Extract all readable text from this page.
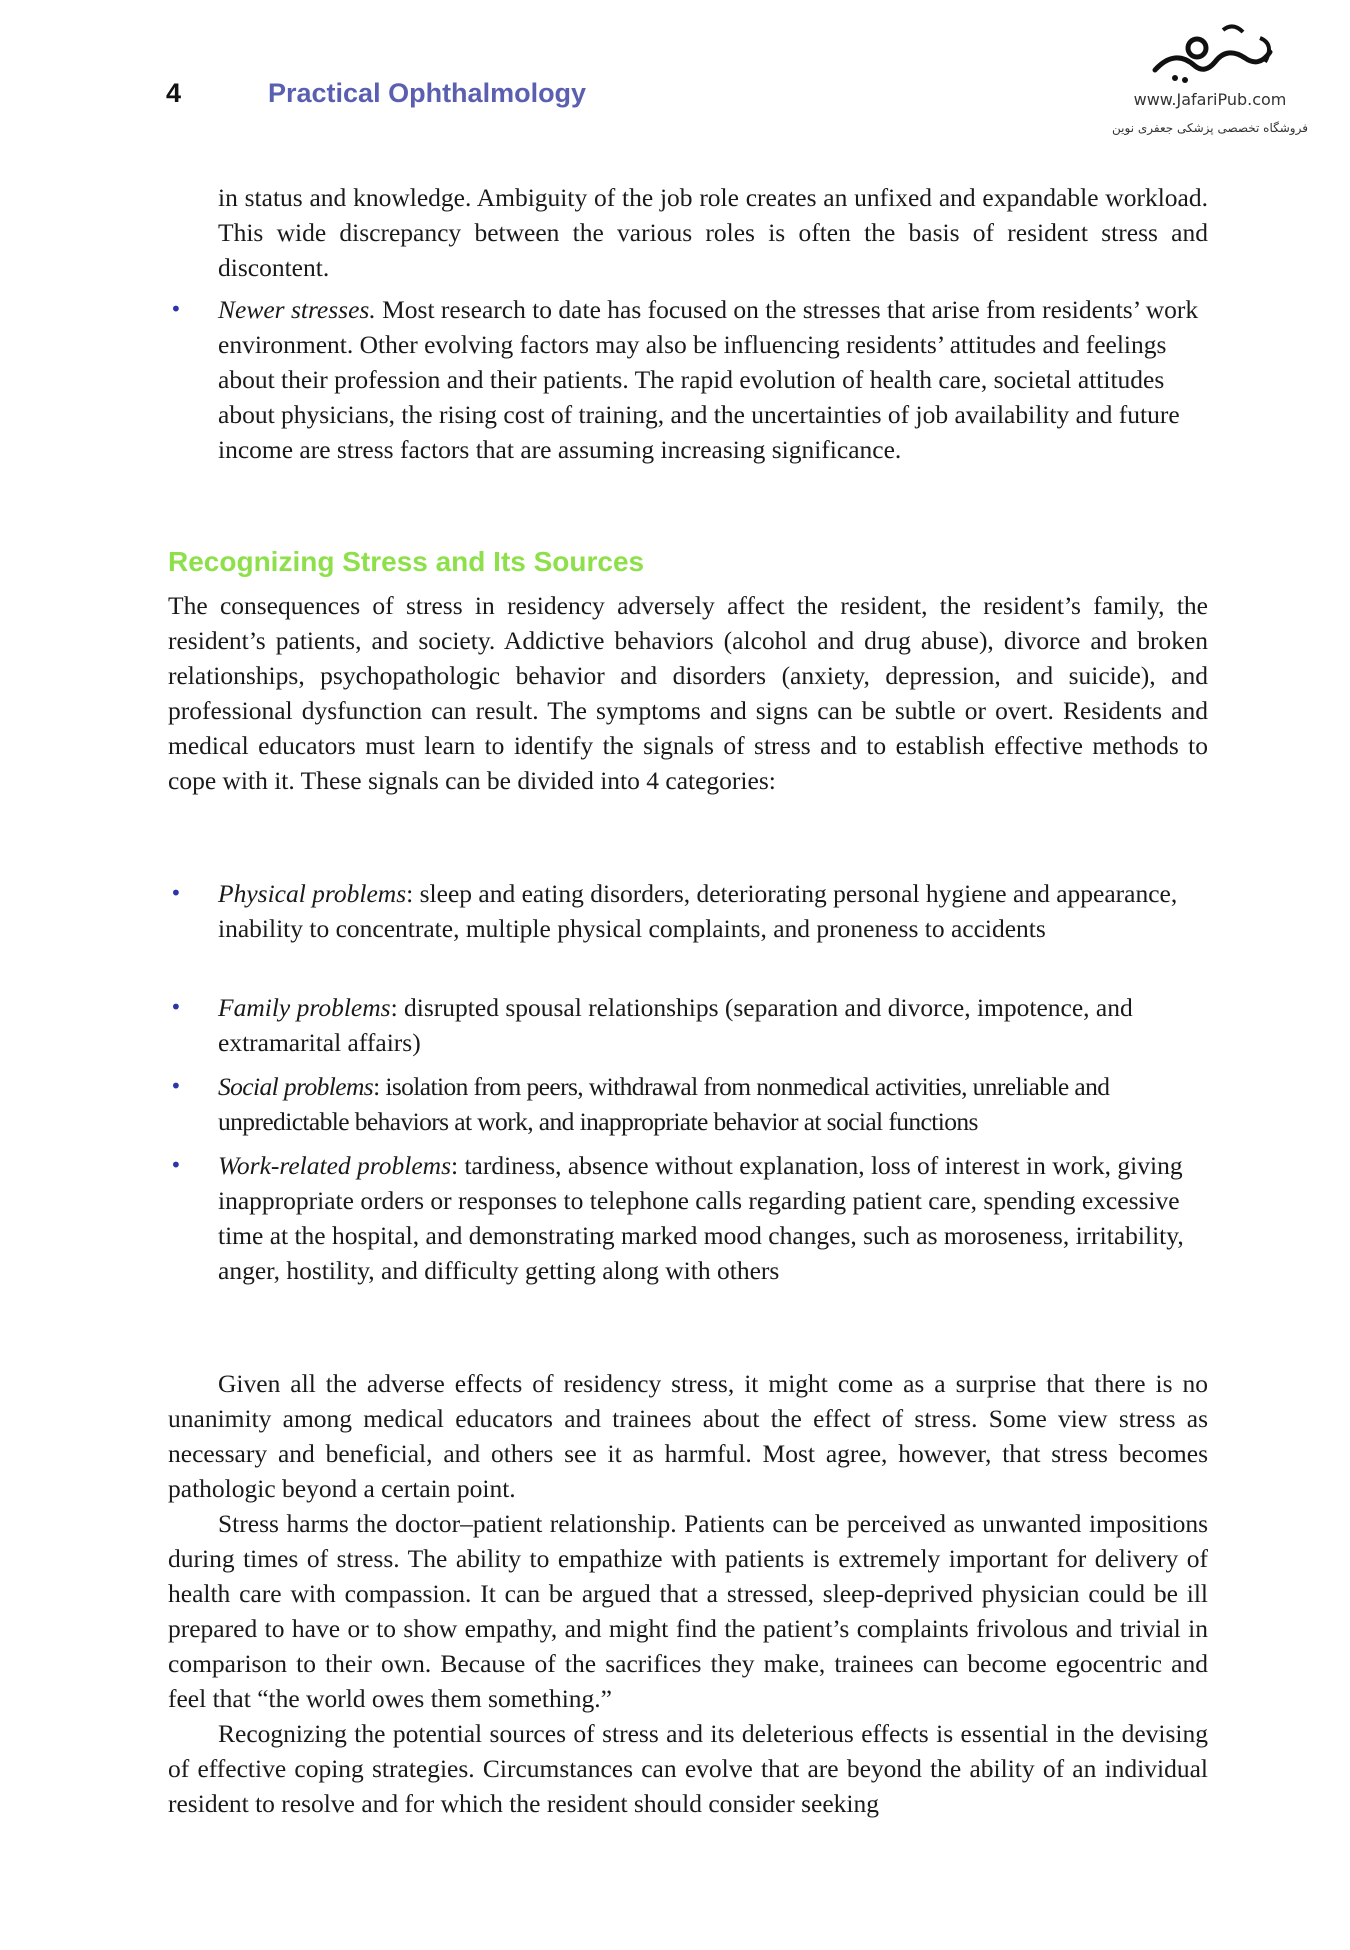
4	Practical Ophthalmology	www.JafariPub.com
فروشگاه تخصصی پزشکی جعفری نوین

in status and knowledge. Ambiguity of the job role creates an unfixed and expandable workload. This wide discrepancy between the various roles is often the basis of resident stress and discontent.

• Newer stresses. Most research to date has focused on the stresses that arise from residents’ work environment. Other evolving factors may also be influencing residents’ attitudes and feelings about their profession and their patients. The rapid evolution of health care, societal attitudes about physicians, the rising cost of training, and the uncertainties of job availability and future income are stress factors that are assuming increasing significance.
Recognizing Stress and Its Sources

The consequences of stress in residency adversely affect the resident, the resident’s family, the resident’s patients, and society. Addictive behaviors (alcohol and drug abuse), divorce and broken relationships, psychopathologic behavior and disorders (anxiety, depression, and suicide), and professional dysfunction can result. The symptoms and signs can be subtle or overt. Residents and medical educators must learn to identify the signals of stress and to establish effective methods to cope with it. These signals can be divided into 4 categories:

• Physical problems: sleep and eating disorders, deteriorating personal hygiene and appearance, inability to concentrate, multiple physical complaints, and proneness to accidents
• Family problems: disrupted spousal relationships (separation and divorce, impotence, and extramarital affairs)
• Social problems: isolation from peers, withdrawal from nonmedical activities, unreliable and unpredictable behaviors at work, and inappropriate behavior at social functions
• Work-related problems: tardiness, absence without explanation, loss of interest in work, giving inappropriate orders or responses to telephone calls regarding patient care, spending excessive time at the hospital, and demonstrating marked mood changes, such as moroseness, irritability, anger, hostility, and difficulty getting along with others

Given all the adverse effects of residency stress, it might come as a surprise that there is no unanimity among medical educators and trainees about the effect of stress. Some view stress as necessary and beneficial, and others see it as harmful. Most agree, however, that stress becomes pathologic beyond a certain point.

Stress harms the doctor–patient relationship. Patients can be perceived as unwanted impositions during times of stress. The ability to empathize with patients is extremely important for delivery of health care with compassion. It can be argued that a stressed, sleep-deprived physician could be ill prepared to have or to show empathy, and might find the patient’s complaints frivolous and trivial in comparison to their own. Because of the sacrifices they make, trainees can become egocentric and feel that “the world owes them something.”

Recognizing the potential sources of stress and its deleterious effects is essential in the devising of effective coping strategies. Circumstances can evolve that are beyond the ability of an individual resident to resolve and for which the resident should consider seeking
